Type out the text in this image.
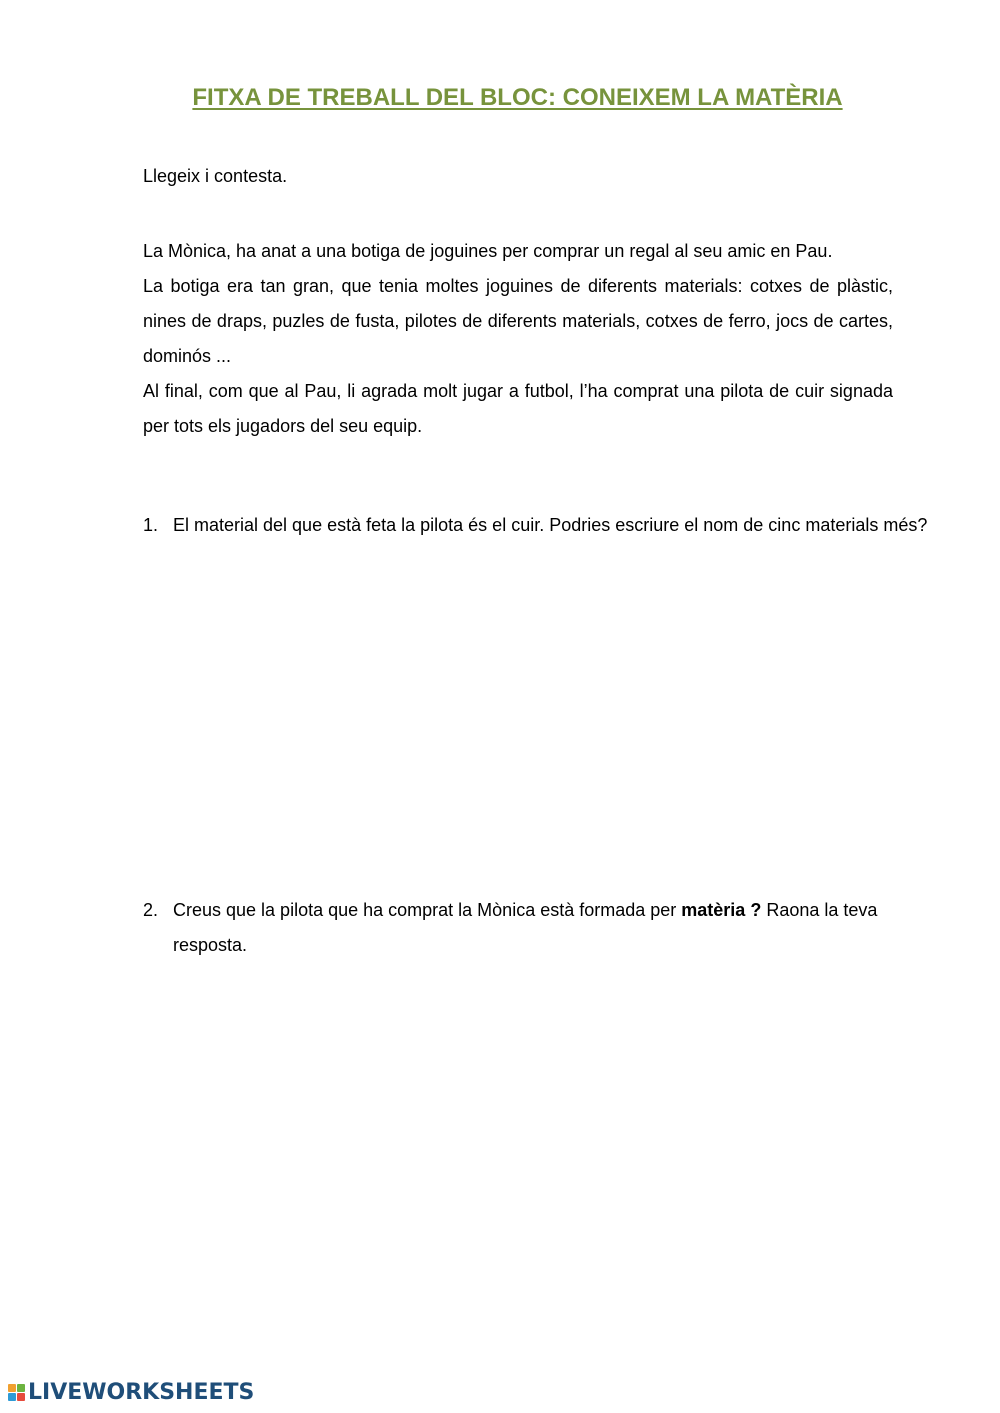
FITXA DE TREBALL DEL BLOC: CONEIXEM LA MATÈRIA
Llegeix i contesta.

La Mònica, ha anat a una botiga de joguines per comprar un regal al seu amic en Pau.

La botiga era tan gran, que tenia moltes joguines de diferents materials: cotxes de plàstic, nines de draps, puzles de fusta, pilotes de diferents materials, cotxes de ferro, jocs de cartes, dominós ...

Al final, com que al Pau, li agrada molt jugar a futbol, l’ha comprat una pilota de cuir signada per tots els jugadors del seu equip.

1. El material del que està feta la pilota és el cuir. Podries escriure el nom de cinc materials més?
2. Creus que la pilota que ha comprat la Mònica està formada per matèria ? Raona la teva resposta.
LIVEWORKSHEETS
